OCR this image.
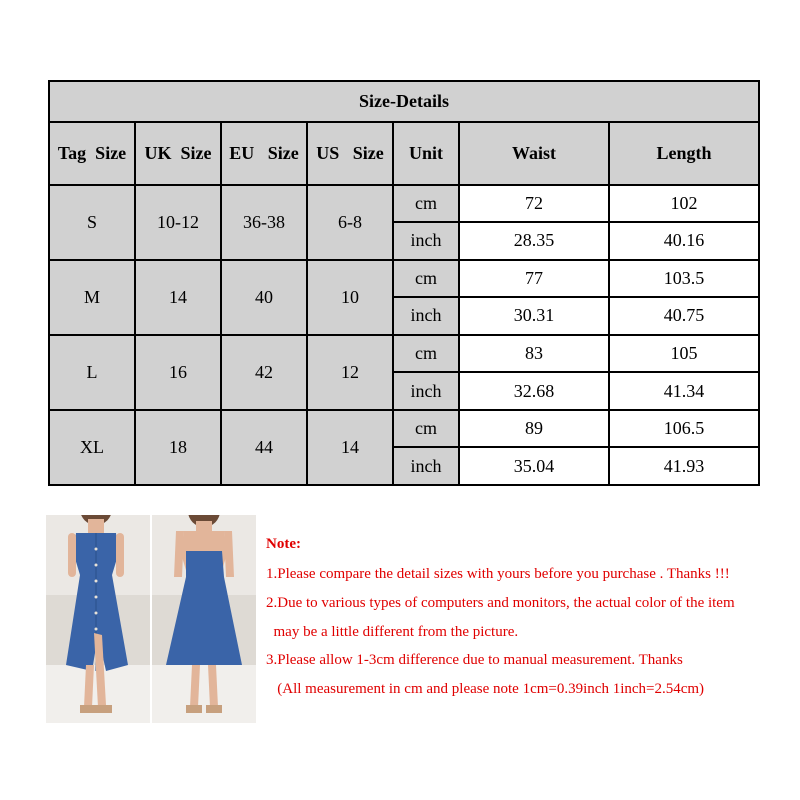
Size-Details						
Tag  Size	UK  Size	EU   Size	US   Size	Unit	Waist	Length
S	10-12	36-38	6-8	cm	72	102
				inch	28.35	40.16
M	14	40	10	cm	77	103.5
				inch	30.31	40.75
L	16	42	12	cm	83	105
				inch	32.68	41.34
XL	18	44	14	cm	89	106.5
				inch	35.04	41.93
Note:
1.Please compare the detail sizes with yours before you purchase . Thanks !!!
2.Due to various types of computers and monitors, the actual color of the item
may be a little different from the picture.
3.Please allow 1-3cm difference due to manual measurement. Thanks
(All measurement in cm and please note 1cm=0.39inch 1inch=2.54cm)
